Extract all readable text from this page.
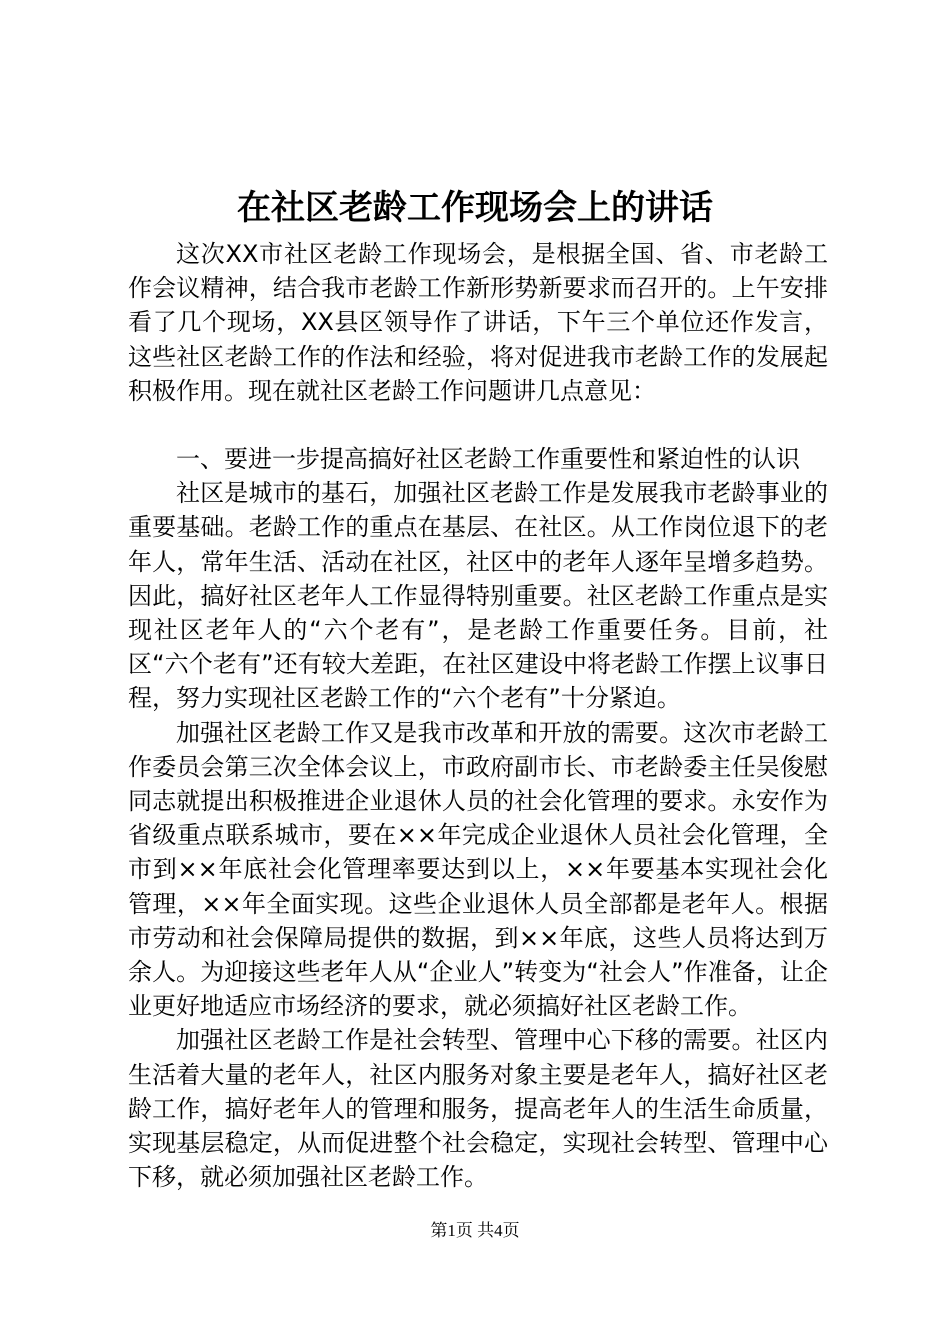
在社区老龄工作现场会上的讲话

这次XX市社区老龄工作现场会，是根据全国、省、市老龄工作会议精神，结合我市老龄工作新形势新要求而召开的。上午安排看了几个现场，XX县区领导作了讲话，下午三个单位还作发言，这些社区老龄工作的作法和经验，将对促进我市老龄工作的发展起积极作用。现在就社区老龄工作问题讲几点意见：

一、要进一步提高搞好社区老龄工作重要性和紧迫性的认识

社区是城市的基石，加强社区老龄工作是发展我市老龄事业的重要基础。老龄工作的重点在基层、在社区。从工作岗位退下的老年人，常年生活、活动在社区，社区中的老年人逐年呈增多趋势。因此，搞好社区老年人工作显得特别重要。社区老龄工作重点是实现社区老年人的“六个老有”，是老龄工作重要任务。目前，社区“六个老有”还有较大差距，在社区建设中将老龄工作摆上议事日程，努力实现社区老龄工作的“六个老有”十分紧迫。

加强社区老龄工作又是我市改革和开放的需要。这次市老龄工作委员会第三次全体会议上，市政府副市长、市老龄委主任吴俊慰同志就提出积极推进企业退休人员的社会化管理的要求。永安作为省级重点联系城市，要在××年完成企业退休人员社会化管理，全市到××年底社会化管理率要达到以上，××年要基本实现社会化管理，××年全面实现。这些企业退休人员全部都是老年人。根据市劳动和社会保障局提供的数据，到××年底，这些人员将达到万余人。为迎接这些老年人从“企业人”转变为“社会人”作准备，让企业更好地适应市场经济的要求，就必须搞好社区老龄工作。

加强社区老龄工作是社会转型、管理中心下移的需要。社区内生活着大量的老年人，社区内服务对象主要是老年人，搞好社区老龄工作，搞好老年人的管理和服务，提高老年人的生活生命质量，实现基层稳定，从而促进整个社会稳定，实现社会转型、管理中心下移，就必须加强社区老龄工作。

第1页 共4页
